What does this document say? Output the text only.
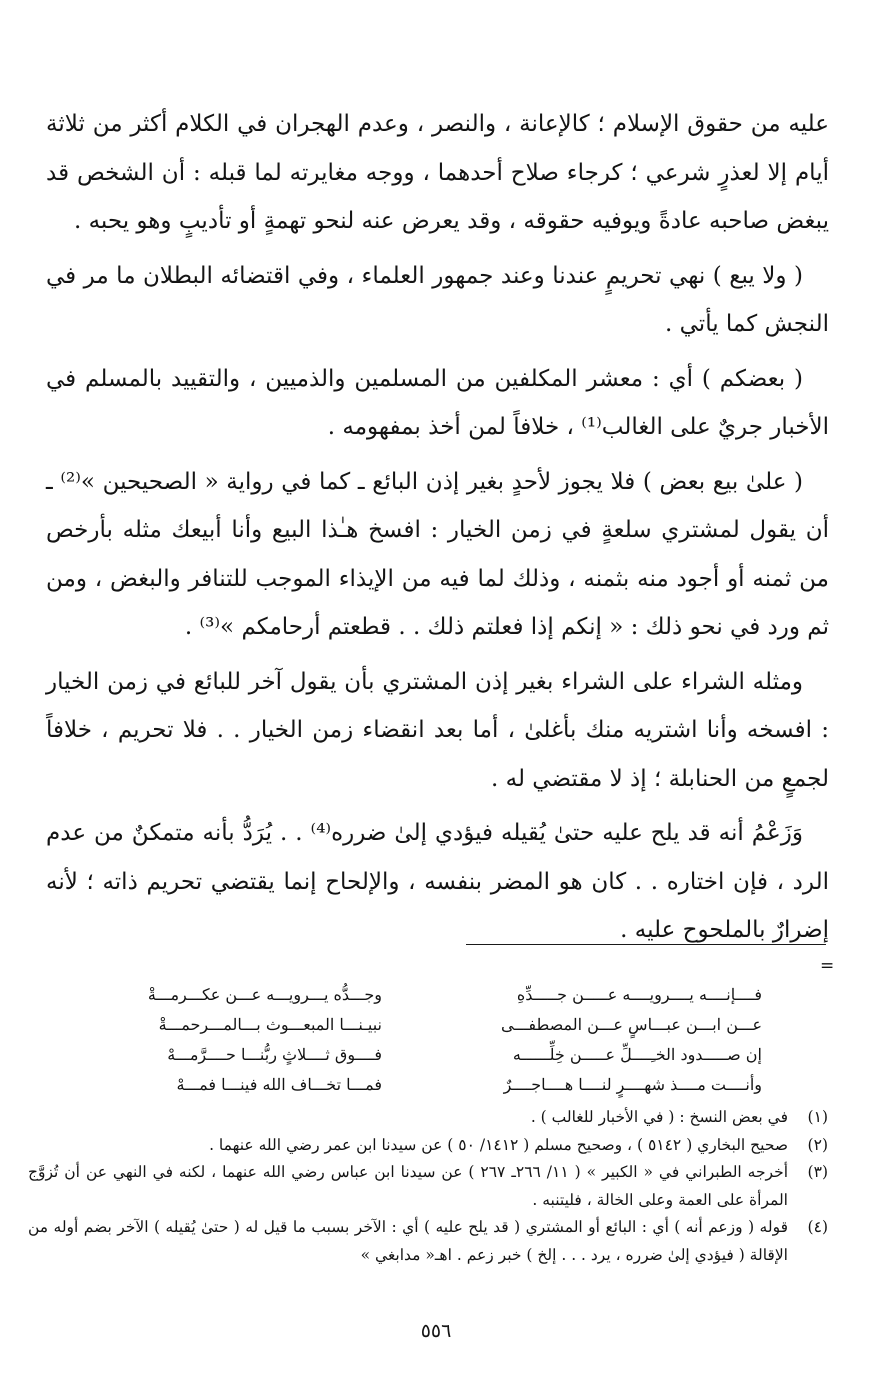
عليه من حقوق الإسلام ؛ كالإعانة ، والنصر ، وعدم الهجران في الكلام أكثر من ثلاثة أيام إلا لعذرٍ شرعي ؛ كرجاء صلاح أحدهما ، ووجه مغايرته لما قبله : أن الشخص قد يبغض صاحبه عادةً ويوفيه حقوقه ، وقد يعرض عنه لنحو تهمةٍ أو تأديبٍ وهو يحبه .

( ولا يبع ) نهي تحريمٍ عندنا وعند جمهور العلماء ، وفي اقتضائه البطلان ما مر في النجش كما يأتي .

( بعضكم ) أي : معشر المكلفين من المسلمين والذميين ، والتقييد بالمسلم في الأخبار جريٌ على الغالب⁽¹⁾ ، خلافاً لمن أخذ بمفهومه .

( علىٰ بيع بعض ) فلا يجوز لأحدٍ بغير إذن البائع ـ كما في رواية « الصحيحين »⁽²⁾ ـ أن يقول لمشتري سلعةٍ في زمن الخيار : افسخ هـٰذا البيع وأنا أبيعك مثله بأرخص من ثمنه أو أجود منه بثمنه ، وذلك لما فيه من الإيذاء الموجب للتنافر والبغض ، ومن ثم ورد في نحو ذلك : « إنكم إذا فعلتم ذلك . . قطعتم أرحامكم »⁽³⁾ .

ومثله الشراء على الشراء بغير إذن المشتري بأن يقول آخر للبائع في زمن الخيار : افسخه وأنا اشتريه منك بأغلىٰ ، أما بعد انقضاء زمن الخيار . . فلا تحريم ، خلافاً لجمعٍ من الحنابلة ؛ إذ لا مقتضي له .

وَزَعْمُ أنه قد يلح عليه حتىٰ يُقيله فيؤدي إلىٰ ضرره⁽⁴⁾ . . يُرَدُّ بأنه متمكنٌ من عدم الرد ، فإن اختاره . . كان هو المضر بنفسه ، والإلحاح إنما يقتضي تحريم ذاته ؛ لأنه إضرارٌ بالملحوح عليه .

=
فــــإنــــه يــــرويــــه عـــــن جـــــدِّهِ
وجـــدُّه يـــرويـــه عـــن عكـــرمـــةْ
عـــن ابـــن عبـــاسٍ عـــن المصطفـــى
نبيـنـــا المبعـــوث بـــالمـــرحمـــةْ
إن صـــــدود الخـِــــلِّ عـــــن خِلِّــــــه
فــــوق ثــــلاثٍ ربُّنـــا حــــرَّمـــهْ
وأنــــت مــــذ شهــــرٍ لنــــا هــــاجــــرٌ
فمـــا تخـــاف الله فينـــا فمـــهْ
(١)
في بعض النسخ : ( في الأخبار للغالب ) .
(٢)
صحيح البخاري ( ٥١٤٢ ) ، وصحيح مسلم ( ١٤١٢/ ٥٠ ) عن سيدنا ابن عمر رضي الله عنهما .
(٣)
أخرجه الطبراني في « الكبير » ( ١١/ ٢٦٦ـ ٢٦٧ ) عن سيدنا ابن عباس رضي الله عنهما ، لكنه في النهي عن أن تُزوَّج المرأة على العمة وعلى الخالة ، فليتنبه .
(٤)
قوله ( وزعم أنه ) أي : البائع أو المشتري ( قد يلح عليه ) أي : الآخر بسبب ما قيل له ( حتىٰ يُقيله ) الآخر بضم أوله من الإقالة ( فيؤدي إلىٰ ضرره ، يرد . . . إلخ ) خبر زعم . اهـ« مدابغي »
٥٥٦
